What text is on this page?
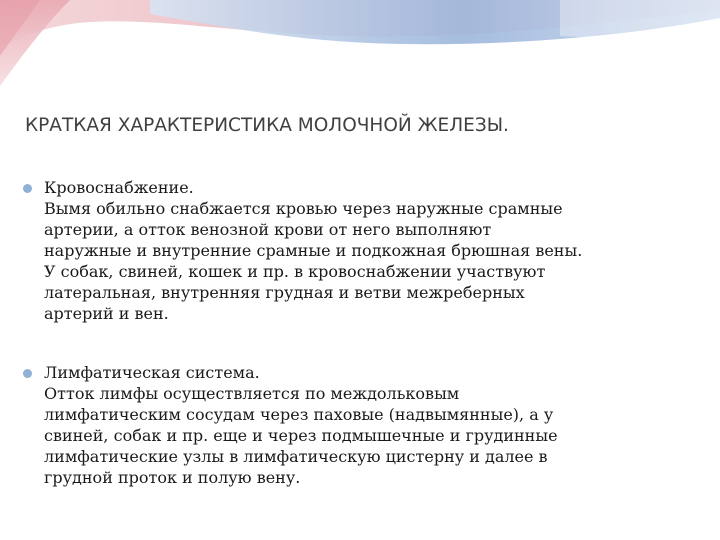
КРАТКАЯ ХАРАКТЕРИСТИКА МОЛОЧНОЙ ЖЕЛЕЗЫ.
Кровоснабжение.

Вымя обильно снабжается кровью через наружные срамные
артерии, а отток венозной крови от него выполняют
наружные и внутренние срамные и подкожная брюшная вены.
У собак, свиней, кошек и пр. в кровоснабжении участвуют
латеральная, внутренняя грудная и ветви межреберных
артерий и вен.

Лимфатическая система.

Отток лимфы осуществляется по междольковым
лимфатическим сосудам через паховые (надвымянные), а у
свиней, собак и пр. еще и через подмышечные и грудинные
лимфатические узлы в лимфатическую цистерну и далее в
грудной проток и полую вену.
